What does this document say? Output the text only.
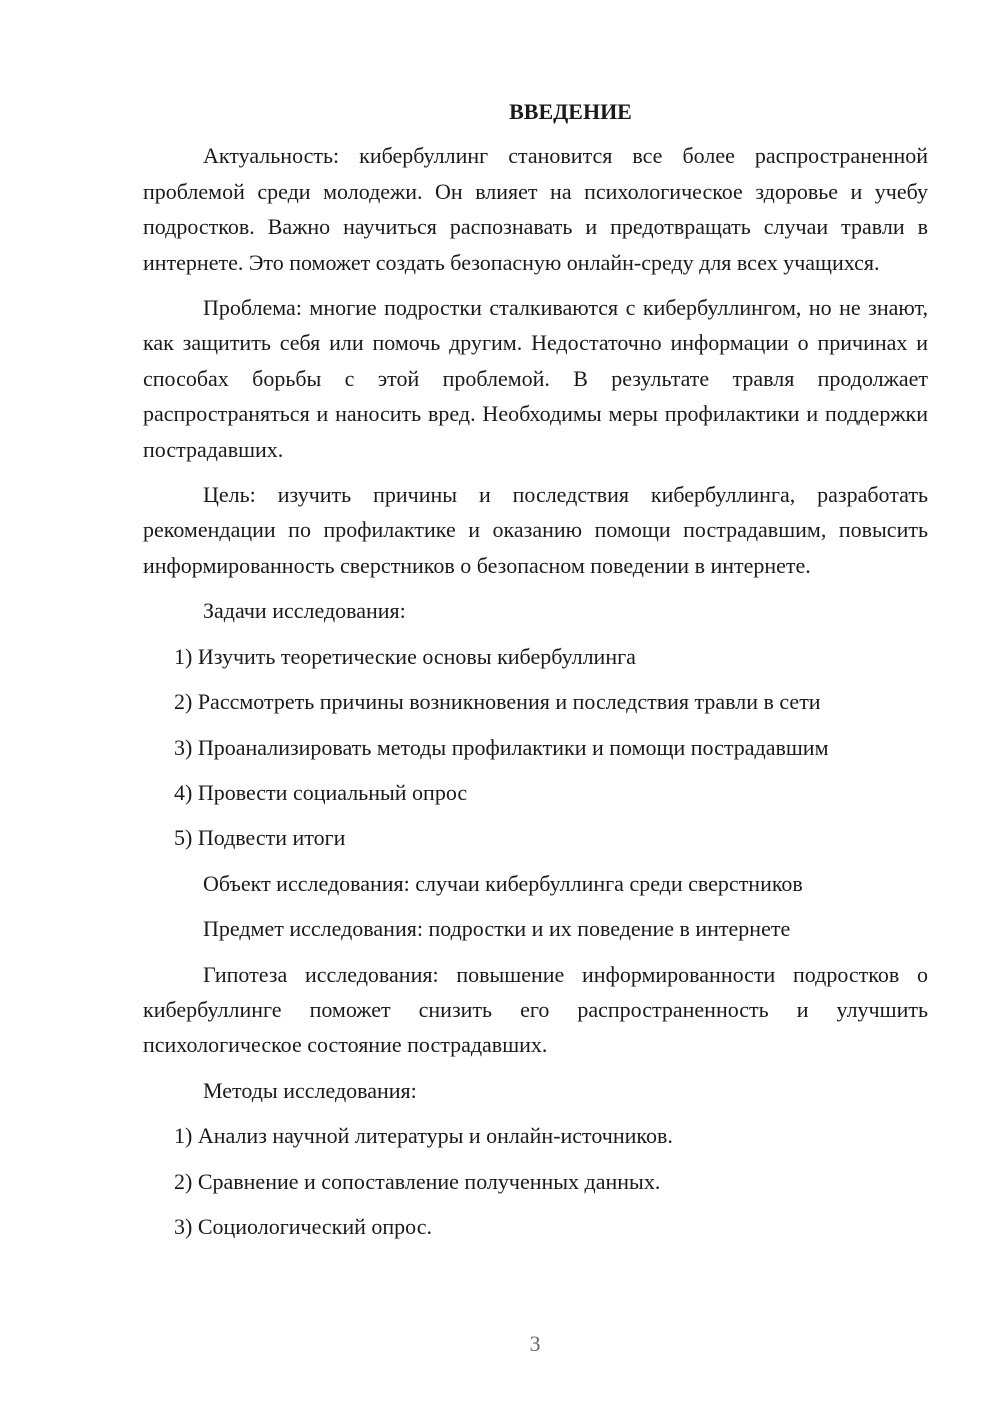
ВВЕДЕНИЕ

Актуальность: кибербуллинг становится все более распространенной проблемой среди молодежи. Он влияет на психологическое здоровье и учебу подростков. Важно научиться распознавать и предотвращать случаи травли в интернете. Это поможет создать безопасную онлайн-среду для всех учащихся.

Проблема: многие подростки сталкиваются с кибербуллингом, но не знают, как защитить себя или помочь другим. Недостаточно информации о причинах и способах борьбы с этой проблемой. В результате травля продолжает распространяться и наносить вред. Необходимы меры профилактики и поддержки пострадавших.

Цель: изучить причины и последствия кибербуллинга, разработать рекомендации по профилактике и оказанию помощи пострадавшим, повысить информированность сверстников о безопасном поведении в интернете.

Задачи исследования:
1) Изучить теоретические основы кибербуллинга
2) Рассмотреть причины возникновения и последствия травли в сети
3) Проанализировать методы профилактики и помощи пострадавшим
4) Провести социальный опрос
5) Подвести итоги
Объект исследования: случаи кибербуллинга среди сверстников
Предмет исследования: подростки и их поведение в интернете

Гипотеза исследования: повышение информированности подростков о кибербуллинге поможет снизить его распространенность и улучшить психологическое состояние пострадавших.

Методы исследования:
1) Анализ научной литературы и онлайн-источников.
2) Сравнение и сопоставление полученных данных.
3) Социологический опрос.
3
